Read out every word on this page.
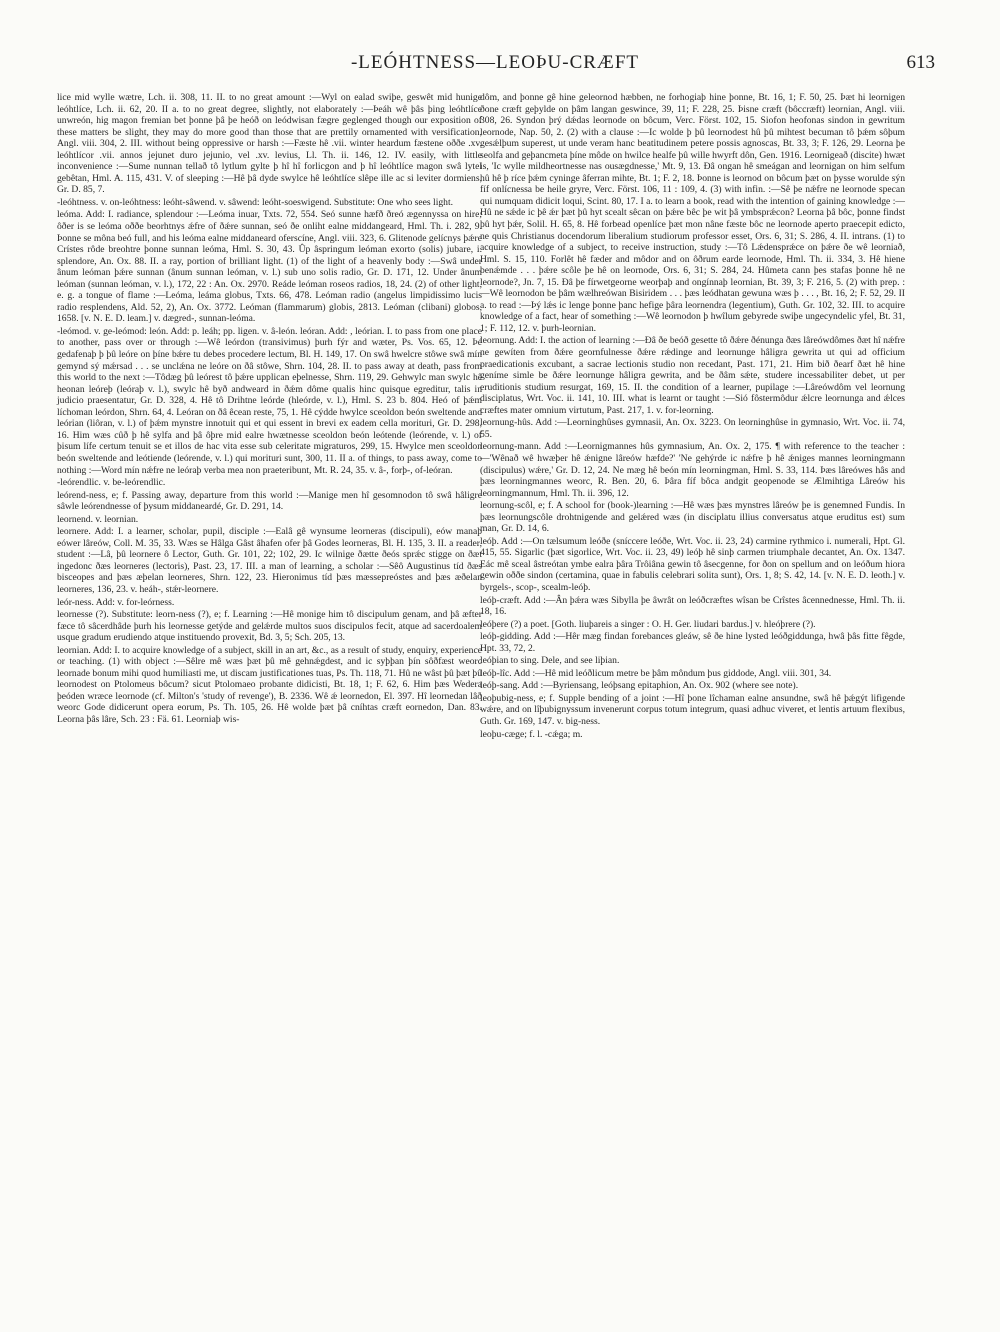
-LEÓHTNESS—LEOÞU-CRÆFT	613

lice mid wylle wætre, Lch. ii. 308, 11. II. to no great amount :—Wyl on ealad swiþe, geswêt mid hunige leóhtlíce, Lch. ii. 62, 20. II a. to no great degree, slightly, not elaborately :—Þeáh wê þâs þing leóhtlíce unwreón, hig magon fremian bet þonne þâ þe heóð on leódwisan fægre geglenged though our exposition of these matters be slight, they may do more good than those that are prettily ornamented with versification, Angl. viii. 304, 2. III. without being oppressive or harsh :—Fæste hê .vii. winter heardum fæstene oððe .xv. leóhtlícor .vii. annos jejunet duro jejunio, vel .xv. levius, Ll. Th. ii. 146, 12. IV. easily, with little inconvenience :—Sume nunnan tellað tô lytlum gylte þ hî hî forlicgon and þ hî leóhtlíce magon swâ lytel gebêtan, Hml. A. 115, 431. V. of sleeping :—Hê þâ dyde swylce hê leóhtlíce slêpe ille ac si leviter dormiens, Gr. D. 85, 7.

-leóhtness. v. on-leóhtness: leóht-sâwend. v. sâwend: leóht-soeswigend. Substitute: One who sees light.

leóma. Add: I. radiance, splendour :—Leóma inuar, Txts. 72, 554. Seó sunne hæfð ðreó ægennyssa on hire; ôðer is se leóma oððe beorhtnys ǽfre of ðǽre sunnan, seó ðe onliht ealne middangeard, Hml. Th. i. 282, 9. Þonne se môna beó full, and his leóma ealne middaneard oferscíne, Angl. viii. 323, 6. Glitenode gelícnys þǽre Crístes rôde breohtre þonne sunnan leóma, Hml. S. 30, 43. Ûp âspringum leóman exorto (solis) jubare, i. splendore, An. Ox. 88. II. a ray, portion of brilliant light. (1) of the light of a heavenly body :—Swâ under ânum leóman þǽre sunnan (ânum sunnan leóman, v. l.) sub uno solis radio, Gr. D. 171, 12. Under ânum leóman (sunnan leóman, v. l.), 172, 22 : An. Ox. 2970. Reáde leóman roseos radios, 18, 24. (2) of other light, e. g. a tongue of flame :—Leóma, leáma globus, Txts. 66, 478. Leóman radio (angelus limpidissimo lucis radio resplendens, Ald. 52, 2), An. Ox. 3772. Leóman (flammarum) globis, 2813. Leóman (clibani) globos, 1658. [v. N. E. D. leam.] v. dægred-, sunnan-leóma.

-leómod. v. ge-leómod: león. Add: p. leáh; pp. ligen. v. â-león. leóran. Add: , leórian. I. to pass from one place to another, pass over or through :—Wê leórdon (transivimus) þurh fýr and wæter, Ps. Vos. 65, 12. Þé gedafenaþ þ þû leóre on þíne bǽre tu debes procedere lectum, Bl. H. 149, 17. On swâ hwelcre stôwe swâ mín gemynd sý mǽrsad . . . se unclǽna ne leóre on ðâ stôwe, Shrn. 104, 28. II. to pass away at death, pass from this world to the next :—Tôdæg þû leórest tô þǽre upplican eþelnesse, Shrn. 119, 29. Gehwylc man swylc hê heonan leóreþ (leóraþ v. l.), swylc hê byð andweard in ðǽm dôme qualis hinc quisque egreditur, talis in judicio praesentatur, Gr. D. 328, 4. Hê tô Drihtne leórde (hleórde, v. l.), Hml. S. 23 b. 804. Heó of þǽm líchoman leórdon, Shrn. 64, 4. Leóran on ðâ êcean reste, 75, 1. Hê cýdde hwylce sceoldon beón sweltende and leórian (liôran, v. l.) of þǽm mynstre innotuit qui et qui essent in brevi ex eadem cella morituri, Gr. D. 298, 16. Him wæs cûð þ hê sylfa and þâ ôþre mid ealre hwætnesse sceoldon beón leótende (leórende, v. l.) of þisum lífe certum tenuit se et illos de hac vita esse sub celeritate migraturos, 299, 15. Hwylce men sceoldon beón sweltende and leótiende (leórende, v. l.) qui morituri sunt, 300, 11. II a. of things, to pass away, come to nothing :—Word mín nǽfre ne leóraþ verba mea non praeteribunt, Mt. R. 24, 35. v. â-, forþ-, of-leóran.

-leórendlic. v. be-leórendlic.

leórend-ness, e; f. Passing away, departure from this world :—Manige men hî gesomnodon tô swâ hâligre sâwle leórendnesse of þysum middaneardé, Gr. D. 291, 14.

leornend. v. leornian.

leornere. Add: I. a learner, scholar, pupil, disciple :—Ealâ gê wynsume leorneras (discipuli), eów manaþ eówer lâreów, Coll. M. 35, 33. Wæs se Hâlga Gâst âhafen ofer þâ Godes leorneras, Bl. H. 135, 3. II. a reader, student :—Lâ, þû leornere ô Lector, Guth. Gr. 101, 22; 102, 29. Ic wilnige ðætte ðeós sprǽc stigge on ðæt ingedonc ðæs leorneres (lectoris), Past. 23, 17. III. a man of learning, a scholar :—Sêô Augustinus tíd ðæs bisceopes and þæs æþelan leorneres, Shrn. 122, 23. Hieronimus tíd þæs mæssepreóstes and þæs æðelan leorneres, 136, 23. v. heáh-, stǽr-leornere.

leór-ness. Add: v. for-leórness.

leornesse (?). Substitute: leorn-ness (?), e; f. Learning :—Hê monige him tô discipulum genam, and þâ æfter fæce tô sâcerdhâde þurh his leornesse getýde and gelǽrde multos suos discipulos fecit, atque ad sacerdoalem usque gradum erudiendo atque instituendo provexit, Bd. 3, 5; Sch. 205, 13.

leornian. Add: I. to acquire knowledge of a subject, skill in an art, &c., as a result of study, enquiry, experience or teaching. (1) with object :—Sêlre mê wæs þæt þû mê gehnǽgdest, and ic syþþan þín sôðfæst weorc leornade bonum mihi quod humiliasti me, ut discam justificationes tuas, Ps. Th. 118, 71. Hû ne wâst þû þæt þû leornodest on Ptolomeus bôcum? sicut Ptolomaeo probante didicisti, Bt. 18, 1; F. 62, 6. Him þæs Wedera þeóden wræce leornode (cf. Milton's 'study of revenge'), B. 2336. Wê ǽ leornedon, El. 397. Hî leornedan lâð weorc Gode didicerunt opera eorum, Ps. Th. 105, 26. Hê wolde þæt þâ cníhtas cræft eornedon, Dan. 83. Leorna þâs lâre, Sch. 23 : Fä. 61. Leorniaþ wis-

dôm, and þonne gê hine geleornod hæbben, ne forhogiaþ hine þonne, Bt. 16, 1; F. 50, 25. Þæt hi leornigen ðone cræft geþylde on þâm langan geswince, 39, 11; F. 228, 25. Þisne cræft (bôccræft) leornian, Angl. viii. 308, 26. Syndon þrý dǽdas leornode on bôcum, Verc. Först. 102, 15. Siofon heofonas sindon in gewritum leornode, Nap. 50, 2. (2) with a clause :—Ic wolde þ þû leornodest hû þû mihtest becuman tô þǽm sôþum gesǽlþum superest, ut unde veram hanc beatitudinem petere possis agnoscas, Bt. 33, 3; F. 126, 29. Leorna þe seolfa and geþancmeta þíne môde on hwilce healfe þû wille hwyrft dôn, Gen. 1916. Leornigeað (discite) hwæt is, 'Ic wylle mildheortnesse nas ousægdnesse,' Mt. 9, 13. Ðâ ongan hê smeágan and leornigan on him selfum hû hê þ ríce þǽm cyninge âferran mihte, Bt. 1; F. 2, 18. Þonne is leornod on bôcum þæt on þysse worulde sýn fíf onlícnessa be heile gryre, Verc. Först. 106, 11 : 109, 4. (3) with infin. :—Sê þe nǽfre ne leornode specan qui numquam didicit loqui, Scint. 80, 17. I a. to learn a book, read with the intention of gaining knowledge :—Hû ne sǽde ic þê ǽr þæt þû hyt scealt sêcan on þǽre bêc þe wit þâ ymbsprǽcon? Leorna þâ bôc, þonne findst þû hyt þǽr, Solil. H. 65, 8. Hê forbead openlíce þæt mon nâne fæste bôc ne leornode aperto praecepit edicto, ne quis Christianus docendorum liberalium studiorum professor esset, Ors. 6, 31; S. 286, 4. II. intrans. (1) to acquire knowledge of a subject, to receive instruction, study :—Tô Lǽdensprǽce on þǽre ðe wê leorniað, Hml. S. 15, 110. Forlêt hê fæder and môdor and on ôðrum earde leornode, Hml. Th. ii. 334, 3. Hê hiene benǽmde . . . þǽre scôle þe hê on leornode, Ors. 6, 31; S. 284, 24. Hûmeta cann þes stafas þonne hê ne leornode?, Jn. 7, 15. Ðâ þe fírwetgeorne weorþaþ and ongínnaþ leornian, Bt. 39, 3; F. 216, 5. (2) with prep. :—Wê leornodon be þâm wælhreówan Bisiridem . . . þæs leódhatan gewuna wæs þ . . . , Bt. 16, 2; F. 52, 29. II a. to read :—Þý lǽs ic lenge þonne þanc hefige þâra leornendra (legentium), Guth. Gr. 102, 32. III. to acquire knowledge of a fact, hear of something :—Wê leornodon þ hwîlum gebyrede swiþe ungecyndelic yfel, Bt. 31, 1; F. 112, 12. v. þurh-leornian.

leornung. Add: I. the action of learning :—Ðâ ðe beóð gesette tô ðǽre ðénunga ðæs lâreówdômes ðæt hî nǽfre ne gewíten from ðǽre geornfulnesse ðǽre rǽdinge and leornunge hâligra gewrita ut qui ad officium praedicationis excubant, a sacrae lectionis studio non recedant, Past. 171, 21. Him bið ðearf ðæt hê hine geníme simle be ðǽre leornunge hâligra gewrita, and be ðâm sǽte, studere incessabiliter debet, ut per eruditionis studium resurgat, 169, 15. II. the condition of a learner, pupilage :—Lâreówdôm vel leornung disciplatus, Wrt. Voc. ii. 141, 10. III. what is learnt or taught :—Sió fôstermôdur ǽlcre leornunga and ǽlces cræftes mater omnium virtutum, Past. 217, 1. v. for-leorning.

leornung-hûs. Add :—Leorninghûses gymnasii, An. Ox. 3223. On leorninghûse in gymnasio, Wrt. Voc. ii. 74, 55.

leornung-mann. Add :—Leornigmannes hûs gymnasium, An. Ox. 2, 175. ¶ with reference to the teacher :—'Wênað wê hwæþer hê ǽnigne lâreów hæfde?' 'Ne gehýrde ic nǽfre þ hê ǽniges mannes leorningmann (discipulus) wǽre,' Gr. D. 12, 24. Ne mæg hê beón mín leorningman, Hml. S. 33, 114. Þæs lâreówes hâs and þæs leorningmannes weorc, R. Ben. 20, 6. Þâra fíf bôca andgit geopenode se Ælmihtiga Lâreów his leorningmannum, Hml. Th. ii. 396, 12.

leornung-scôl, e; f. A school for (book-)learning :—Hê wæs þæs mynstres lâreów þe is genemned Fundis. In þæs leornungscôle drohtnigende and gelǽred wæs (in disciplatu illius conversatus atque eruditus est) sum man, Gr. D. 14, 6.

leóþ. Add :—On tælsumum leóðe (sníccere leóðe, Wrt. Voc. ii. 23, 24) carmine rythmico i. numerali, Hpt. Gl. 415, 55. Sigarlic (þæt sigorlice, Wrt. Voc. ii. 23, 49) leóþ hê sinþ carmen triumphale decantet, An. Ox. 1347. Eác mê sceal âstreótan ymbe ealra þâra Trôiâna gewin tô âsecgenne, for ðon on spellum and on leóðum hiora gewin oððe sindon (certamina, quae in fabulis celebrari solita sunt), Ors. 1, 8; S. 42, 14. [v. N. E. D. leoth.] v. byrgels-, scop-, scealm-leóþ.

leóþ-cræft. Add :—Ân þǽra wæs Sibylla þe âwrât on leóðcræftes wîsan be Crîstes âcennednesse, Hml. Th. ii. 18, 16.

leóþere (?) a poet. [Goth. liuþareis a singer : O. H. Ger. liudari bardus.] v. hleóþrere (?).

leóþ-gidding. Add :—Hêr mæg findan forebances gleáw, sê ðe hine lysted leóðgiddunga, hwâ þâs fitte fêgde, Hpt. 33, 72, 2.

leóþian to sing. Dele, and see liþian.

leóþ-lîc. Add :—Hê mid leóðlicum metre be þâm môndum þus giddode, Angl. viii. 301, 34.

leóþ-sang. Add :—Byriensang, leóþsang epitaphion, An. Ox. 902 (where see note).

leoþubig-ness, e; f. Supple bending of a joint :—Hî þone lîchaman ealne ansundne, swâ hê þǽgýt lifigende wǽre, and on lîþubignyssum invenerunt corpus totum integrum, quasi adhuc viveret, et lentis artuum flexibus, Guth. Gr. 169, 147. v. big-ness.

leoþu-cæge; f. l. -cǽga; m.
